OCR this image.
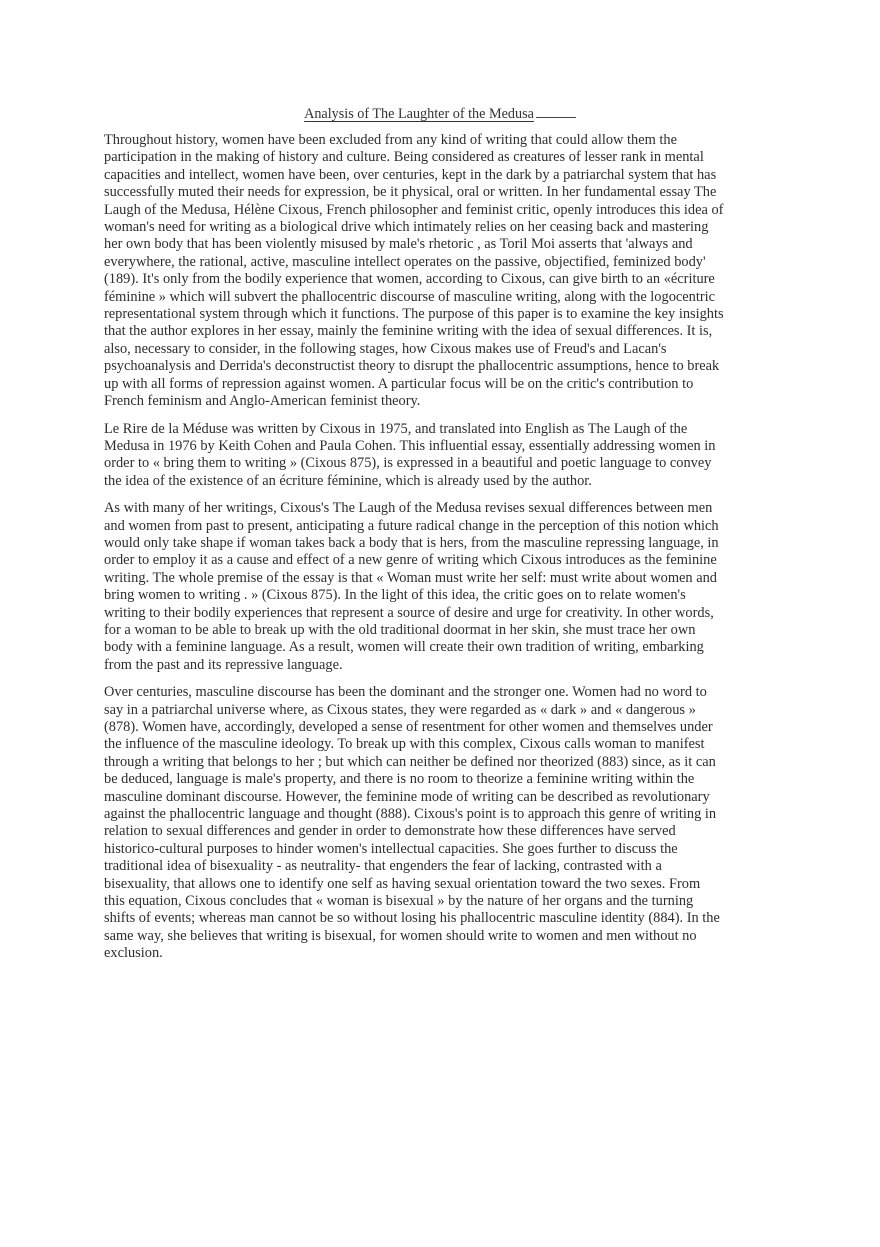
Analysis of The Laughter of the Medusa

Throughout history, women have been excluded from any kind of writing that could allow them the participation in the making of history and culture. Being considered as creatures of lesser rank in mental capacities and intellect, women have been, over centuries, kept in the dark by a patriarchal system that has successfully muted their needs for expression, be it physical, oral or written. In her fundamental essay The Laugh of the Medusa, Hélène Cixous, French philosopher and feminist critic, openly introduces this idea of woman's need for writing as a biological drive which intimately relies on her ceasing back and mastering her own body that has been violently misused by male's rhetoric , as Toril Moi asserts that 'always and everywhere, the rational, active, masculine intellect operates on the passive, objectified, feminized body' (189). It's only from the bodily experience that women, according to Cixous, can give birth to an «écriture féminine » which will subvert the phallocentric discourse of masculine writing, along with the logocentric representational system through which it functions. The purpose of this paper is to examine the key insights that the author explores in her essay, mainly the feminine writing with the idea of sexual differences. It is, also, necessary to consider, in the following stages, how Cixous makes use of Freud's and Lacan's psychoanalysis and Derrida's deconstructist theory to disrupt the phallocentric assumptions, hence to break up with all forms of repression against women. A particular focus will be on the critic's contribution to French feminism and Anglo-American feminist theory.

Le Rire de la Méduse was written by Cixous in 1975, and translated into English as The Laugh of the Medusa in 1976 by Keith Cohen and Paula Cohen. This influential essay, essentially addressing women in order to « bring them to writing » (Cixous 875), is expressed in a beautiful and poetic language to convey the idea of the existence of an écriture féminine, which is already used by the author.

As with many of her writings, Cixous's The Laugh of the Medusa revises sexual differences between men and women from past to present, anticipating a future radical change in the perception of this notion which would only take shape if woman takes back a body that is hers, from the masculine repressing language, in order to employ it as a cause and effect of a new genre of writing which Cixous introduces as the feminine writing. The whole premise of the essay is that « Woman must write her self: must write about women and bring women to writing . » (Cixous 875). In the light of this idea, the critic goes on to relate women's writing to their bodily experiences that represent a source of desire and urge for creativity. In other words, for a woman to be able to break up with the old traditional doormat in her skin, she must trace her own body with a feminine language. As a result, women will create their own tradition of writing, embarking from the past and its repressive language.

Over centuries, masculine discourse has been the dominant and the stronger one. Women had no word to say in a patriarchal universe where, as Cixous states, they were regarded as « dark » and « dangerous » (878). Women have, accordingly, developed a sense of resentment for other women and themselves under the influence of the masculine ideology. To break up with this complex, Cixous calls woman to manifest through a writing that belongs to her ; but which can neither be defined nor theorized (883) since, as it can be deduced, language is male's property, and there is no room to theorize a feminine writing within the masculine dominant discourse. However, the feminine mode of writing can be described as revolutionary against the phallocentric language and thought (888). Cixous's point is to approach this genre of writing in relation to sexual differences and gender in order to demonstrate how these differences have served historico-cultural purposes to hinder women's intellectual capacities. She goes further to discuss the traditional idea of bisexuality - as neutrality- that engenders the fear of lacking, contrasted with a bisexuality, that allows one to identify one self as having sexual orientation toward the two sexes. From this equation, Cixous concludes that « woman is bisexual » by the nature of her organs and the turning shifts of events; whereas man cannot be so without losing his phallocentric masculine identity (884). In the same way, she believes that writing is bisexual, for women should write to women and men without no exclusion.
